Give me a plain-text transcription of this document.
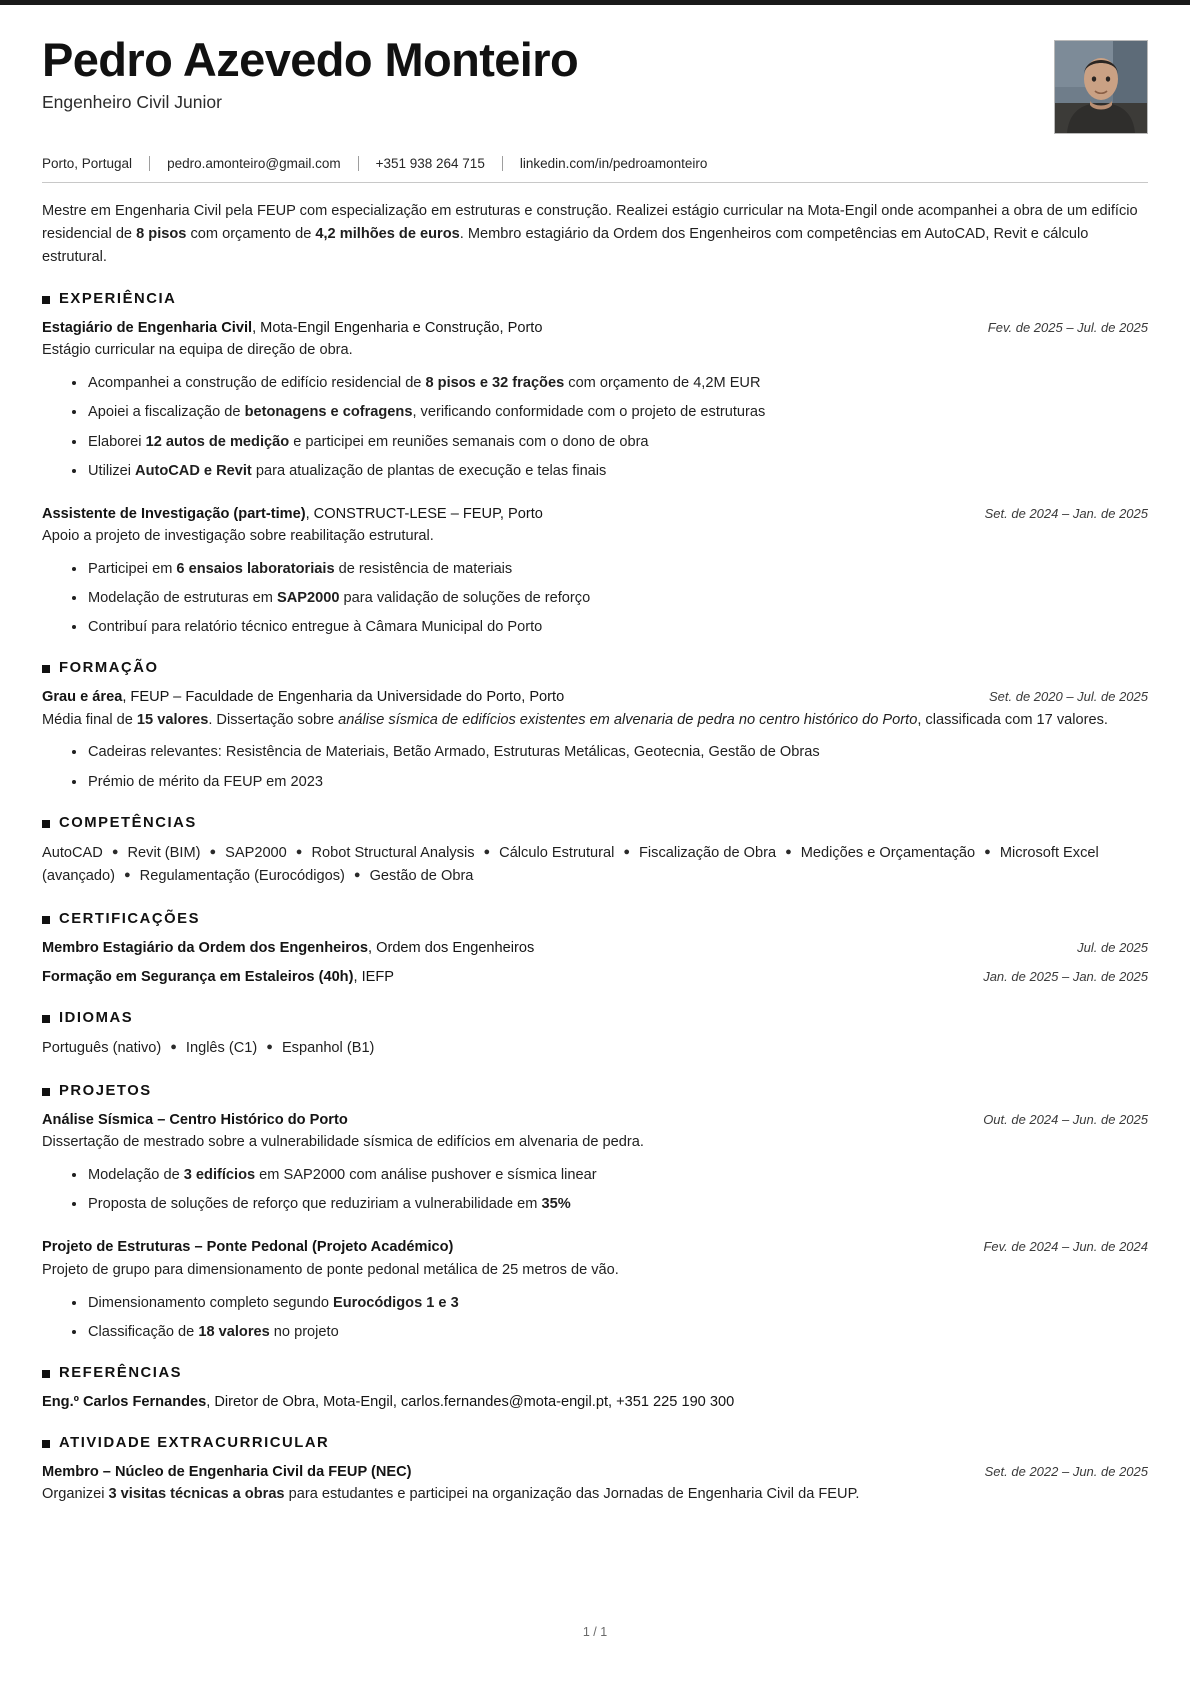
Pedro Azevedo Monteiro

Engenheiro Civil Junior

Porto, Portugal	pedro.amonteiro@gmail.com	+351 938 264 715	linkedin.com/in/pedroamonteiro

Mestre em Engenharia Civil pela FEUP com especialização em estruturas e construção. Realizei estágio curricular na Mota-Engil onde acompanhei a obra de um edifício residencial de 8 pisos com orçamento de 4,2 milhões de euros. Membro estagiário da Ordem dos Engenheiros com competências em AutoCAD, Revit e cálculo estrutural.

EXPERIÊNCIA
Estagiário de Engenharia Civil, Mota-Engil Engenharia e Construção, Porto	Fev. de 2025 – Jul. de 2025
Estágio curricular na equipa de direção de obra.
Acompanhei a construção de edifício residencial de 8 pisos e 32 frações com orçamento de 4,2M EUR
Apoiei a fiscalização de betonagens e cofragens, verificando conformidade com o projeto de estruturas
Elaborei 12 autos de medição e participei em reuniões semanais com o dono de obra
Utilizei AutoCAD e Revit para atualização de plantas de execução e telas finais
Assistente de Investigação (part-time), CONSTRUCT-LESE – FEUP, Porto	Set. de 2024 – Jan. de 2025
Apoio a projeto de investigação sobre reabilitação estrutural.
Participei em 6 ensaios laboratoriais de resistência de materiais
Modelação de estruturas em SAP2000 para validação de soluções de reforço
Contribuí para relatório técnico entregue à Câmara Municipal do Porto
FORMAÇÃO
Grau e área, FEUP – Faculdade de Engenharia da Universidade do Porto, Porto	Set. de 2020 – Jul. de 2025
Média final de 15 valores. Dissertação sobre análise sísmica de edifícios existentes em alvenaria de pedra no centro histórico do Porto, classificada com 17 valores.
Cadeiras relevantes: Resistência de Materiais, Betão Armado, Estruturas Metálicas, Geotecnia, Gestão de Obras
Prémio de mérito da FEUP em 2023
COMPETÊNCIAS
AutoCAD ● Revit (BIM) ● SAP2000 ● Robot Structural Analysis ● Cálculo Estrutural ● Fiscalização de Obra ● Medições e Orçamentação ● Microsoft Excel (avançado) ● Regulamentação (Eurocódigos) ● Gestão de Obra
CERTIFICAÇÕES
Membro Estagiário da Ordem dos Engenheiros, Ordem dos Engenheiros	Jul. de 2025
Formação em Segurança em Estaleiros (40h), IEFP	Jan. de 2025 – Jan. de 2025
IDIOMAS
Português (nativo) ● Inglês (C1) ● Espanhol (B1)
PROJETOS
Análise Sísmica – Centro Histórico do Porto	Out. de 2024 – Jun. de 2025
Dissertação de mestrado sobre a vulnerabilidade sísmica de edifícios em alvenaria de pedra.
Modelação de 3 edifícios em SAP2000 com análise pushover e sísmica linear
Proposta de soluções de reforço que reduziriam a vulnerabilidade em 35%
Projeto de Estruturas – Ponte Pedonal (Projeto Académico)	Fev. de 2024 – Jun. de 2024
Projeto de grupo para dimensionamento de ponte pedonal metálica de 25 metros de vão.
Dimensionamento completo segundo Eurocódigos 1 e 3
Classificação de 18 valores no projeto
REFERÊNCIAS
Eng.º Carlos Fernandes, Diretor de Obra, Mota-Engil, carlos.fernandes@mota-engil.pt, +351 225 190 300
ATIVIDADE EXTRACURRICULAR
Membro – Núcleo de Engenharia Civil da FEUP (NEC)	Set. de 2022 – Jun. de 2025
Organizei 3 visitas técnicas a obras para estudantes e participei na organização das Jornadas de Engenharia Civil da FEUP.
1 / 1
